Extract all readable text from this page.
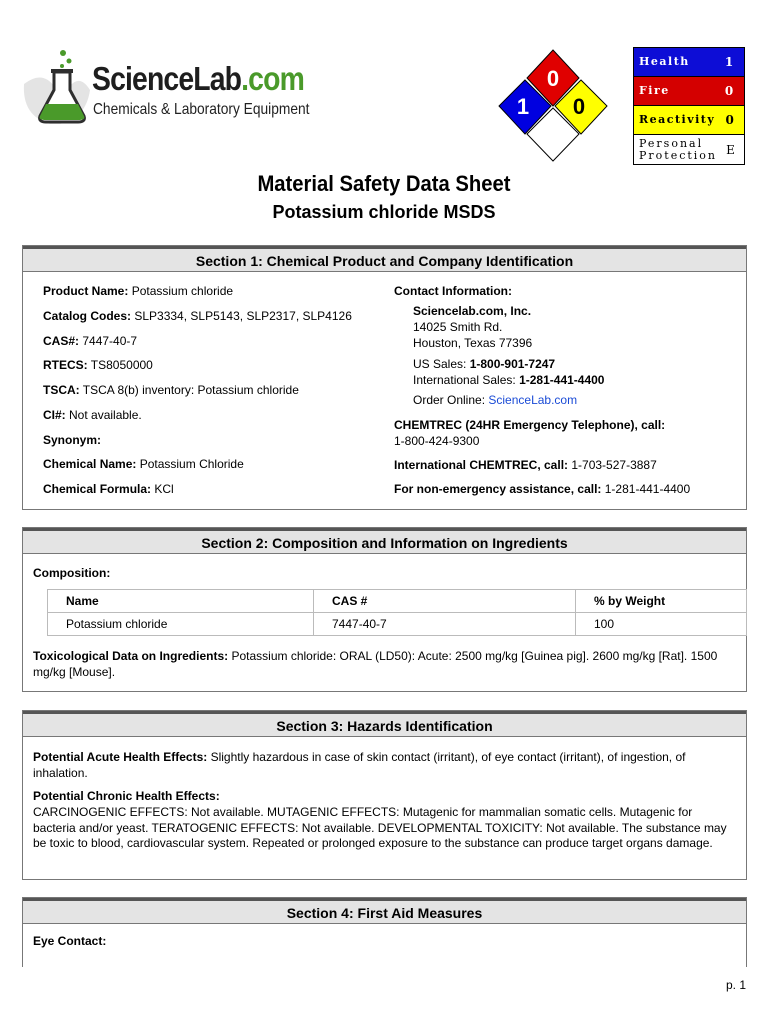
ScienceLab.com
Chemicals & Laboratory Equipment
0
1 0
Health	1
Fire	0
Reactivity 0
Personal Protection E
Material Safety Data Sheet
Potassium chloride MSDS
Section 1: Chemical Product and Company Identification
Product Name: Potassium chloride
Catalog Codes: SLP3334, SLP5143, SLP2317, SLP4126
CAS#: 7447-40-7
RTECS: TS8050000
TSCA: TSCA 8(b) inventory: Potassium chloride
CI#: Not available.
Synonym:
Chemical Name: Potassium Chloride
Chemical Formula: KCl
Contact Information:
Sciencelab.com, Inc.
14025 Smith Rd.
Houston, Texas 77396
US Sales: 1-800-901-7247
International Sales: 1-281-441-4400
Order Online: ScienceLab.com
CHEMTREC (24HR Emergency Telephone), call:
1-800-424-9300
International CHEMTREC, call: 1-703-527-3887
For non-emergency assistance, call: 1-281-441-4400
Section 2: Composition and Information on Ingredients
Composition:
Name	CAS #	% by Weight
Potassium chloride	7447-40-7	100
Toxicological Data on Ingredients: Potassium chloride: ORAL (LD50): Acute: 2500 mg/kg [Guinea pig]. 2600 mg/kg [Rat]. 1500 mg/kg [Mouse].
Section 3: Hazards Identification
Potential Acute Health Effects: Slightly hazardous in case of skin contact (irritant), of eye contact (irritant), of ingestion, of inhalation.
Potential Chronic Health Effects:
CARCINOGENIC EFFECTS: Not available. MUTAGENIC EFFECTS: Mutagenic for mammalian somatic cells. Mutagenic for bacteria and/or yeast. TERATOGENIC EFFECTS: Not available. DEVELOPMENTAL TOXICITY: Not available. The substance may be toxic to blood, cardiovascular system. Repeated or prolonged exposure to the substance can produce target organs damage.
Section 4: First Aid Measures
Eye Contact:
p. 1
